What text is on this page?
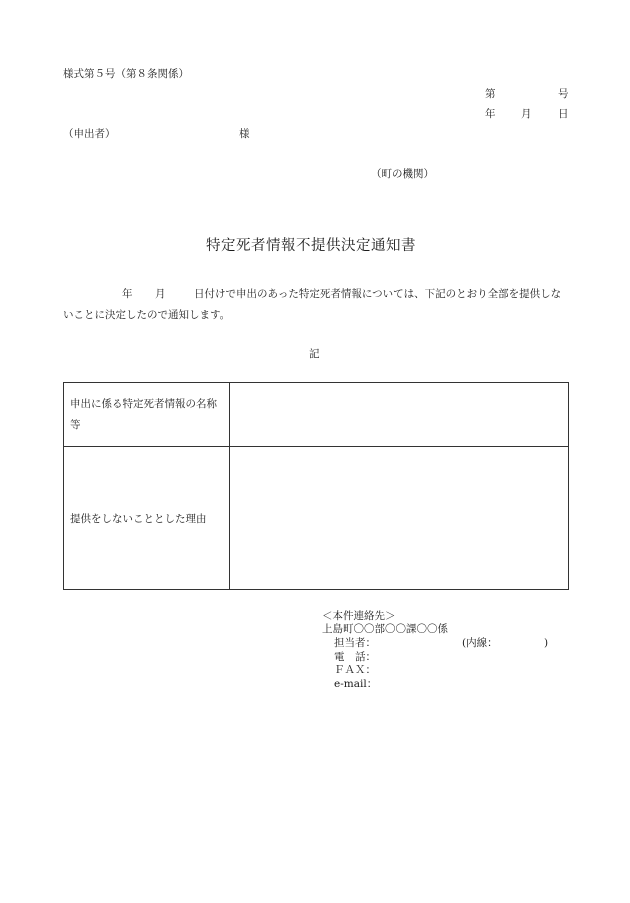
様式第５号（第８条関係）
第	号
年 月	日
（申出者）	様
（町の機関）
特定死者情報不提供決定通知書
年 月	日付けで申出のあった特定死者情報については、下記のとおり全部を提供しないことに決定したので通知します。
記
申出に係る特定死者情報の名称等
提供をしないこととした理由
＜本件連絡先＞
上島町〇〇部〇〇課〇〇係
担当者：	(内線：	)
電　話：
ＦＡＸ：
e-mail：
